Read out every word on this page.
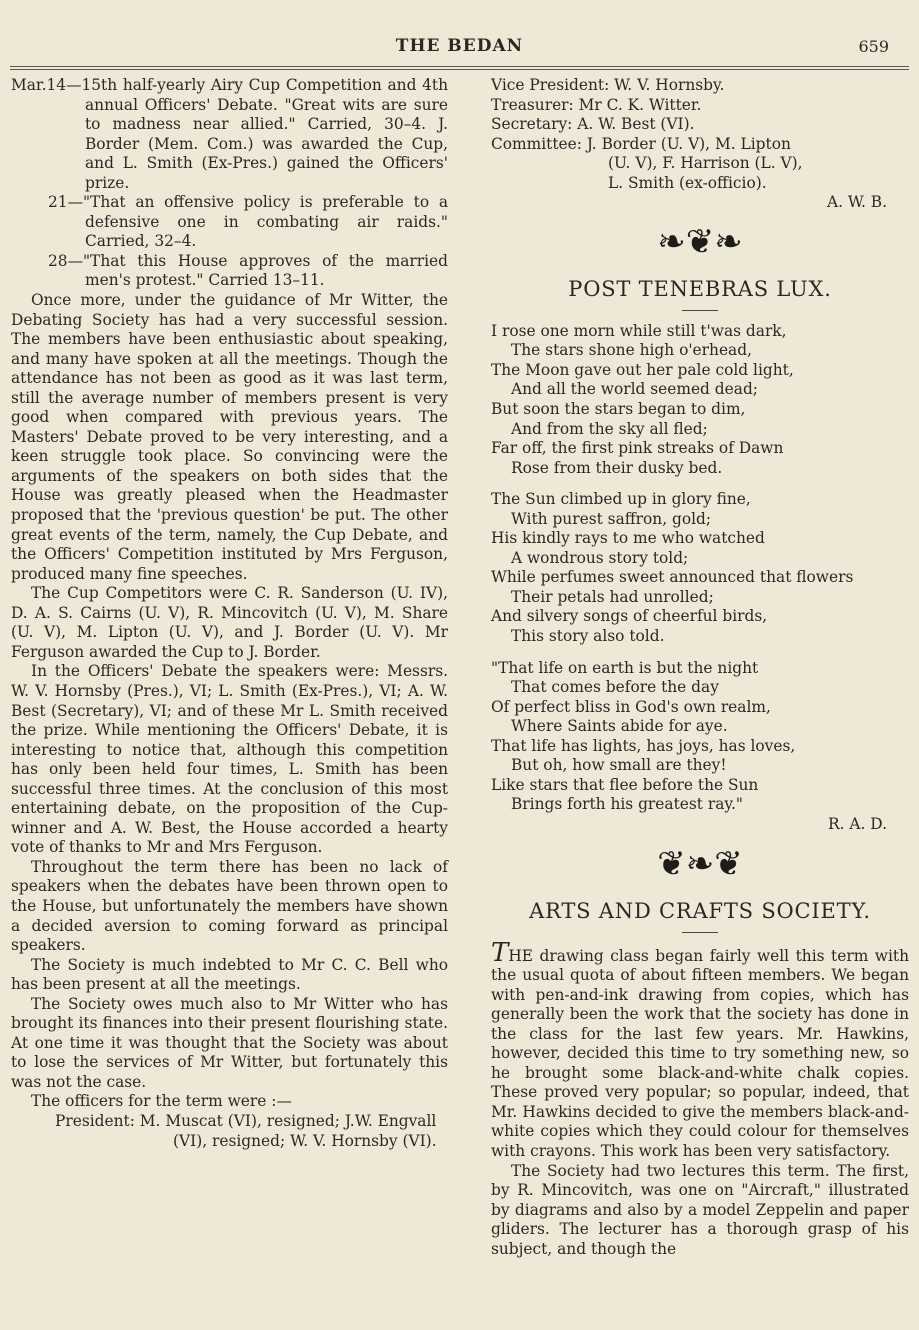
THE BEDAN	659

Mar.14—15th half-yearly Airy Cup Competition and 4th annual Officers' Debate. "Great wits are sure to madness near allied." Carried, 30–4. J. Border (Mem. Com.) was awarded the Cup, and L. Smith (Ex-Pres.) gained the Officers' prize.

21—"That an offensive policy is preferable to a defensive one in combating air raids." Carried, 32–4.

28—"That this House approves of the married men's protest." Carried 13–11.

Once more, under the guidance of Mr Witter, the Debating Society has had a very successful session. The members have been enthusiastic about speaking, and many have spoken at all the meetings. Though the attendance has not been as good as it was last term, still the average number of members present is very good when compared with previous years. The Masters' Debate proved to be very interesting, and a keen struggle took place. So convincing were the arguments of the speakers on both sides that the House was greatly pleased when the Headmaster proposed that the 'previous question' be put. The other great events of the term, namely, the Cup Debate, and the Officers' Competition instituted by Mrs Ferguson, produced many fine speeches.

The Cup Competitors were C. R. Sanderson (U. IV), D. A. S. Cairns (U. V), R. Mincovitch (U. V), M. Share (U. V), M. Lipton (U. V), and J. Border (U. V). Mr Ferguson awarded the Cup to J. Border.

In the Officers' Debate the speakers were: Messrs. W. V. Hornsby (Pres.), VI; L. Smith (Ex-Pres.), VI; A. W. Best (Secretary), VI; and of these Mr L. Smith received the prize. While mentioning the Officers' Debate, it is interesting to notice that, although this competition has only been held four times, L. Smith has been successful three times. At the conclusion of this most entertaining debate, on the proposition of the Cup-winner and A. W. Best, the House accorded a hearty vote of thanks to Mr and Mrs Ferguson.

Throughout the term there has been no lack of speakers when the debates have been thrown open to the House, but unfortunately the members have shown a decided aversion to coming forward as principal speakers.

The Society is much indebted to Mr C. C. Bell who has been present at all the meetings.

The Society owes much also to Mr Witter who has brought its finances into their present flourishing state. At one time it was thought that the Society was about to lose the services of Mr Witter, but fortunately this was not the case.

The officers for the term were :—

President: M. Muscat (VI), resigned; J.W. Engvall (VI), resigned; W. V. Hornsby (VI).

Vice President: W. V. Hornsby.
Treasurer: Mr C. K. Witter.
Secretary: A. W. Best (VI).
Committee: J. Border (U. V), M. Lipton
(U. V), F. Harrison (L. V),
L. Smith (ex-officio).

A. W. B.

❧❦❧
POST TENEBRAS LUX.
I rose one morn while still t'was dark,
The stars shone high o'erhead,
The Moon gave out her pale cold light,
And all the world seemed dead;
But soon the stars began to dim,
And from the sky all fled;
Far off, the first pink streaks of Dawn
Rose from their dusky bed.
The Sun climbed up in glory fine,
With purest saffron, gold;
His kindly rays to me who watched
A wondrous story told;
While perfumes sweet announced that flowers
Their petals had unrolled;
And silvery songs of cheerful birds,
This story also told.
"That life on earth is but the night
That comes before the day
Of perfect bliss in God's own realm,
Where Saints abide for aye.
That life has lights, has joys, has loves,
But oh, how small are they!
Like stars that flee before the Sun
Brings forth his greatest ray."

R. A. D.

❦❧❦
ARTS AND CRAFTS SOCIETY.

THE drawing class began fairly well this term with the usual quota of about fifteen members. We began with pen-and-ink drawing from copies, which has generally been the work that the society has done in the class for the last few years. Mr. Hawkins, however, decided this time to try something new, so he brought some black-and-white chalk copies. These proved very popular; so popular, indeed, that Mr. Hawkins decided to give the members black-and-white copies which they could colour for themselves with crayons. This work has been very satisfactory.

The Society had two lectures this term. The first, by R. Mincovitch, was one on "Aircraft," illustrated by diagrams and also by a model Zeppelin and paper gliders. The lecturer has a thorough grasp of his subject, and though the
